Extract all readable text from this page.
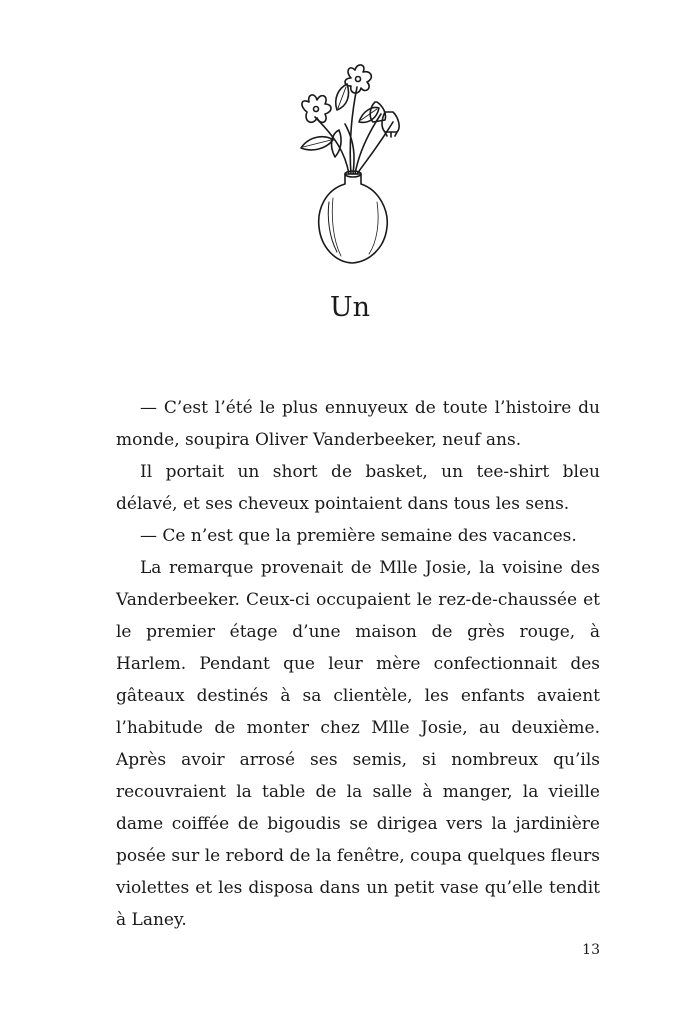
Un

— C’est l’été le plus ennuyeux de toute l’histoire du monde, soupira Oliver Vanderbeeker, neuf ans.

Il portait un short de basket, un tee-shirt bleu délavé, et ses cheveux pointaient dans tous les sens.

— Ce n’est que la première semaine des vacances.

La remarque provenait de Mlle Josie, la voisine des Vanderbeeker. Ceux-ci occupaient le rez-de-chaussée et le premier étage d’une maison de grès rouge, à Harlem. Pendant que leur mère confectionnait des gâteaux destinés à sa clientèle, les enfants avaient l’habitude de monter chez Mlle Josie, au deuxième. Après avoir arrosé ses semis, si nombreux qu’ils recouvraient la table de la salle à manger, la vieille dame coiffée de bigoudis se dirigea vers la jardinière posée sur le rebord de la fenêtre, coupa quelques fleurs violettes et les disposa dans un petit vase qu’elle tendit à Laney.

13
